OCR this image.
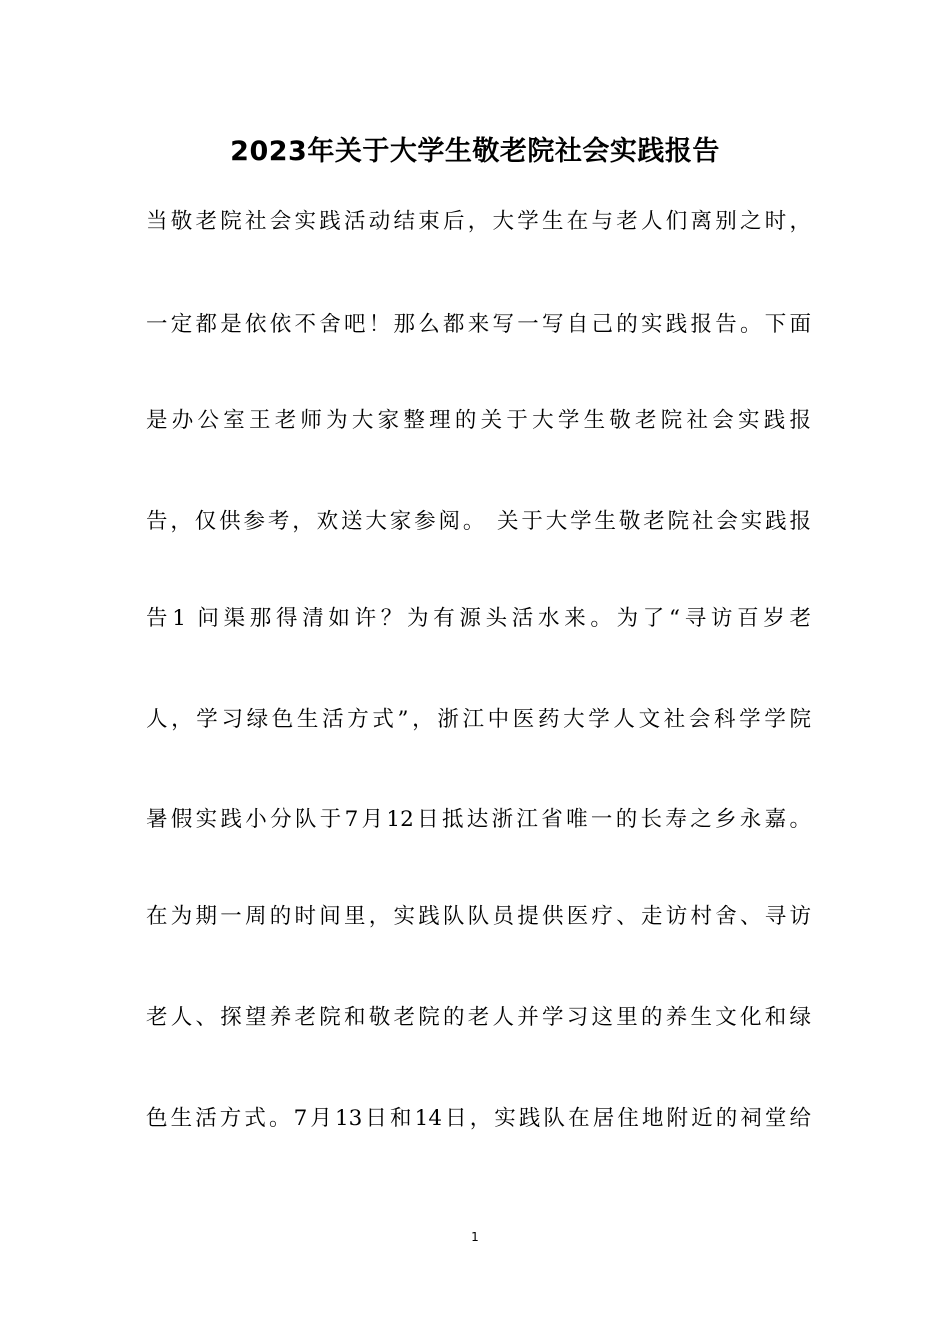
2023年关于大学生敬老院社会实践报告
当敬老院社会实践活动结束后，大学生在与老人们离别之时，
一定都是依依不舍吧！那么都来写一写自己的实践报告。下面
是办公室王老师为大家整理的关于大学生敬老院社会实践报
告，仅供参考，欢送大家参阅。 关于大学生敬老院社会实践报
告1 问渠那得清如许？为有源头活水来。为了“寻访百岁老
人，学习绿色生活方式”，浙江中医药大学人文社会科学学院
暑假实践小分队于7月12日抵达浙江省唯一的长寿之乡永嘉。
在为期一周的时间里，实践队队员提供医疗、走访村舍、寻访
老人、探望养老院和敬老院的老人并学习这里的养生文化和绿
色生活方式。7月13日和14日，实践队在居住地附近的祠堂给
1
